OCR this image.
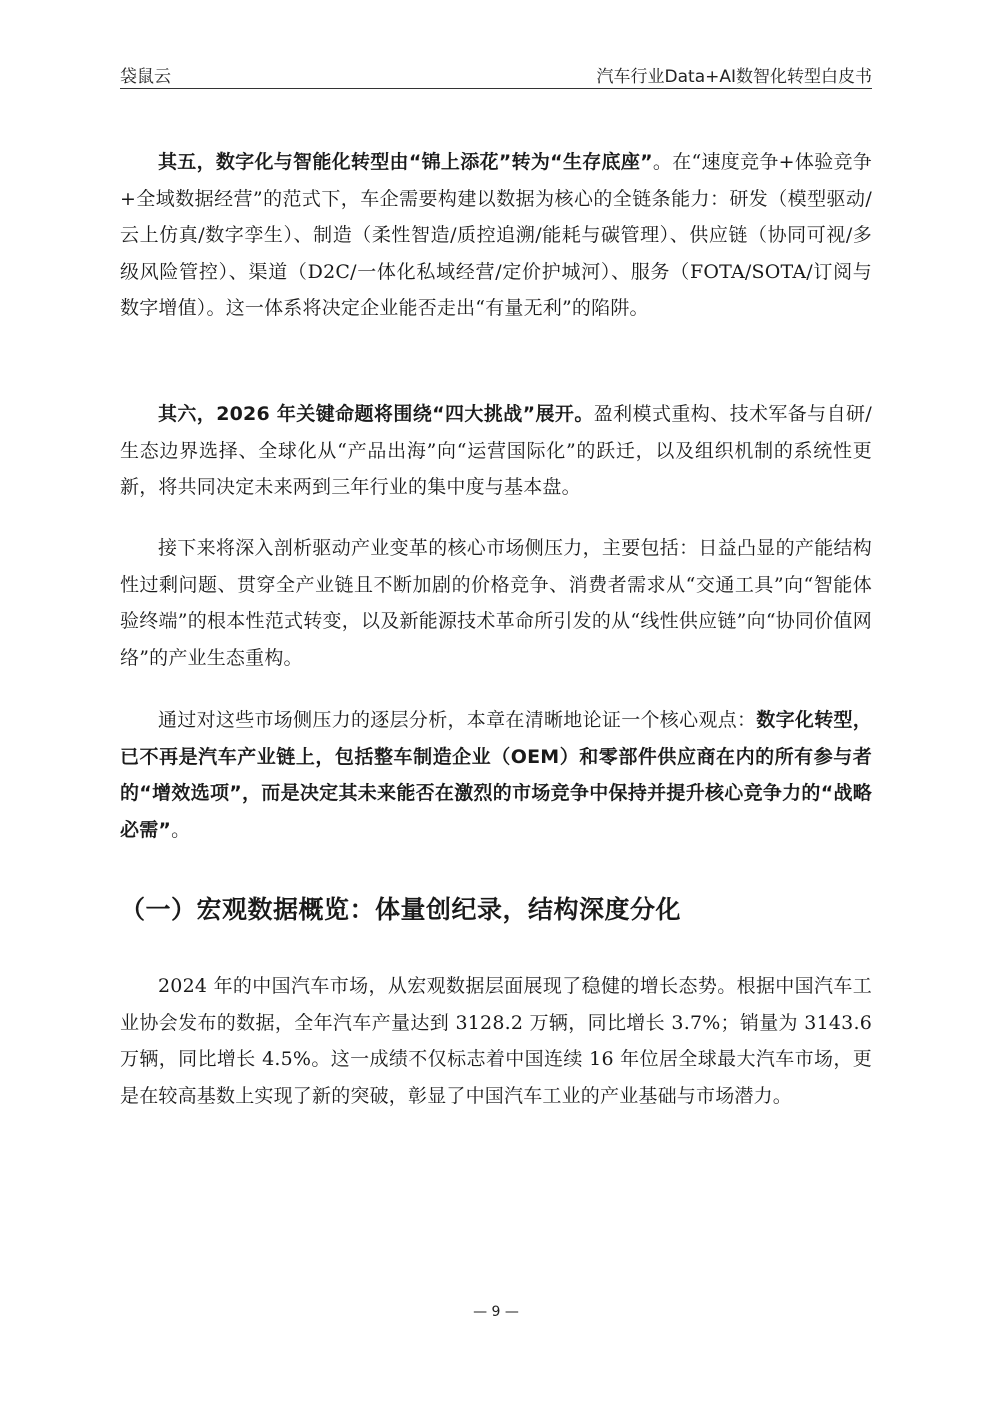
袋鼠云	汽车行业Data+AI数智化转型白皮书

其五，数字化与智能化转型由“锦上添花”转为“生存底座”。在“速度竞争+体验竞争+全域数据经营”的范式下，车企需要构建以数据为核心的全链条能力：研发（模型驱动/云上仿真/数字孪生）、制造（柔性智造/质控追溯/能耗与碳管理）、供应链（协同可视/多级风险管控）、渠道（D2C/一体化私域经营/定价护城河）、服务（FOTA/SOTA/订阅与数字增值）。这一体系将决定企业能否走出“有量无利”的陷阱。

其六，2026 年关键命题将围绕“四大挑战”展开。盈利模式重构、技术军备与自研/生态边界选择、全球化从“产品出海”向“运营国际化”的跃迁，以及组织机制的系统性更新，将共同决定未来两到三年行业的集中度与基本盘。

接下来将深入剖析驱动产业变革的核心市场侧压力，主要包括：日益凸显的产能结构性过剩问题、贯穿全产业链且不断加剧的价格竞争、消费者需求从“交通工具”向“智能体验终端”的根本性范式转变，以及新能源技术革命所引发的从“线性供应链”向“协同价值网络”的产业生态重构。

通过对这些市场侧压力的逐层分析，本章在清晰地论证一个核心观点：数字化转型，已不再是汽车产业链上，包括整车制造企业（OEM）和零部件供应商在内的所有参与者的“增效选项”，而是决定其未来能否在激烈的市场竞争中保持并提升核心竞争力的“战略必需”。

（一）宏观数据概览：体量创纪录，结构深度分化

2024 年的中国汽车市场，从宏观数据层面展现了稳健的增长态势。根据中国汽车工业协会发布的数据，全年汽车产量达到 3128.2 万辆，同比增长 3.7%；销量为 3143.6 万辆，同比增长 4.5%。这一成绩不仅标志着中国连续 16 年位居全球最大汽车市场，更是在较高基数上实现了新的突破，彰显了中国汽车工业的产业基础与市场潜力。

— 9 —
